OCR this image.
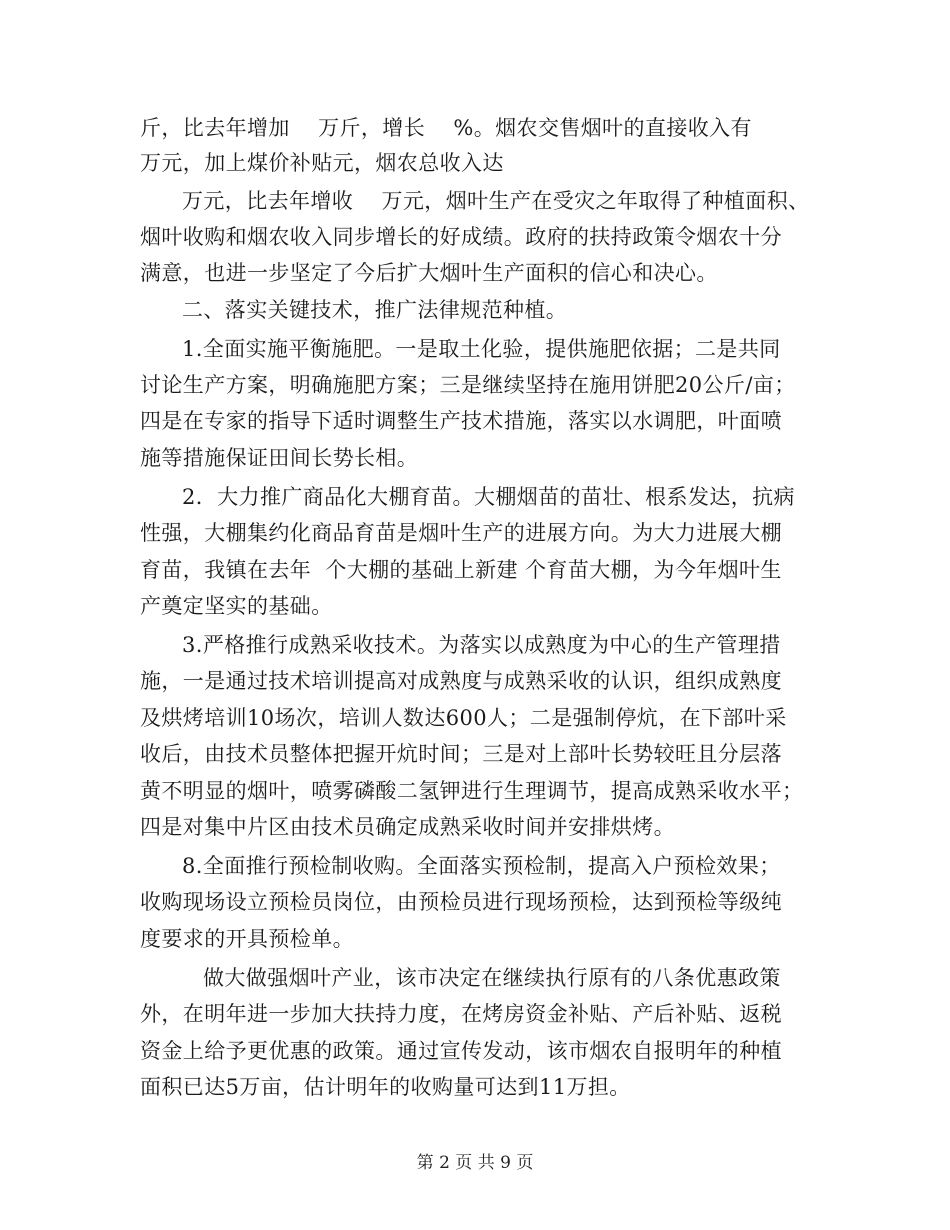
斤，比去年增加    万斤，增长    %。烟农交售烟叶的直接收入有
万元，加上煤价补贴元，烟农总收入达
万元，比去年增收    万元，烟叶生产在受灾之年取得了种植面积、
烟叶收购和烟农收入同步增长的好成绩。政府的扶持政策令烟农十分
满意，也进一步坚定了今后扩大烟叶生产面积的信心和决心。
二、落实关键技术，推广法律规范种植。
1.全面实施平衡施肥。一是取土化验，提供施肥依据；二是共同
讨论生产方案，明确施肥方案；三是继续坚持在施用饼肥20公斤/亩；
四是在专家的指导下适时调整生产技术措施，落实以水调肥，叶面喷
施等措施保证田间长势长相。
2．大力推广商品化大棚育苗。大棚烟苗的苗壮、根系发达，抗病
性强，大棚集约化商品育苗是烟叶生产的进展方向。为大力进展大棚
育苗，我镇在去年  个大棚的基础上新建 个育苗大棚，为今年烟叶生
产奠定坚实的基础。
3.严格推行成熟采收技术。为落实以成熟度为中心的生产管理措
施，一是通过技术培训提高对成熟度与成熟采收的认识，组织成熟度
及烘烤培训10场次，培训人数达600人；二是强制停炕，在下部叶采
收后，由技术员整体把握开炕时间；三是对上部叶长势较旺且分层落
黄不明显的烟叶，喷雾磷酸二氢钾进行生理调节，提高成熟采收水平；
四是对集中片区由技术员确定成熟采收时间并安排烘烤。
8.全面推行预检制收购。全面落实预检制，提高入户预检效果；
收购现场设立预检员岗位，由预检员进行现场预检，达到预检等级纯
度要求的开具预检单。
做大做强烟叶产业，该市决定在继续执行原有的八条优惠政策
外，在明年进一步加大扶持力度，在烤房资金补贴、产后补贴、返税
资金上给予更优惠的政策。通过宣传发动，该市烟农自报明年的种植
面积已达5万亩，估计明年的收购量可达到11万担。
第 2 页 共 9 页
